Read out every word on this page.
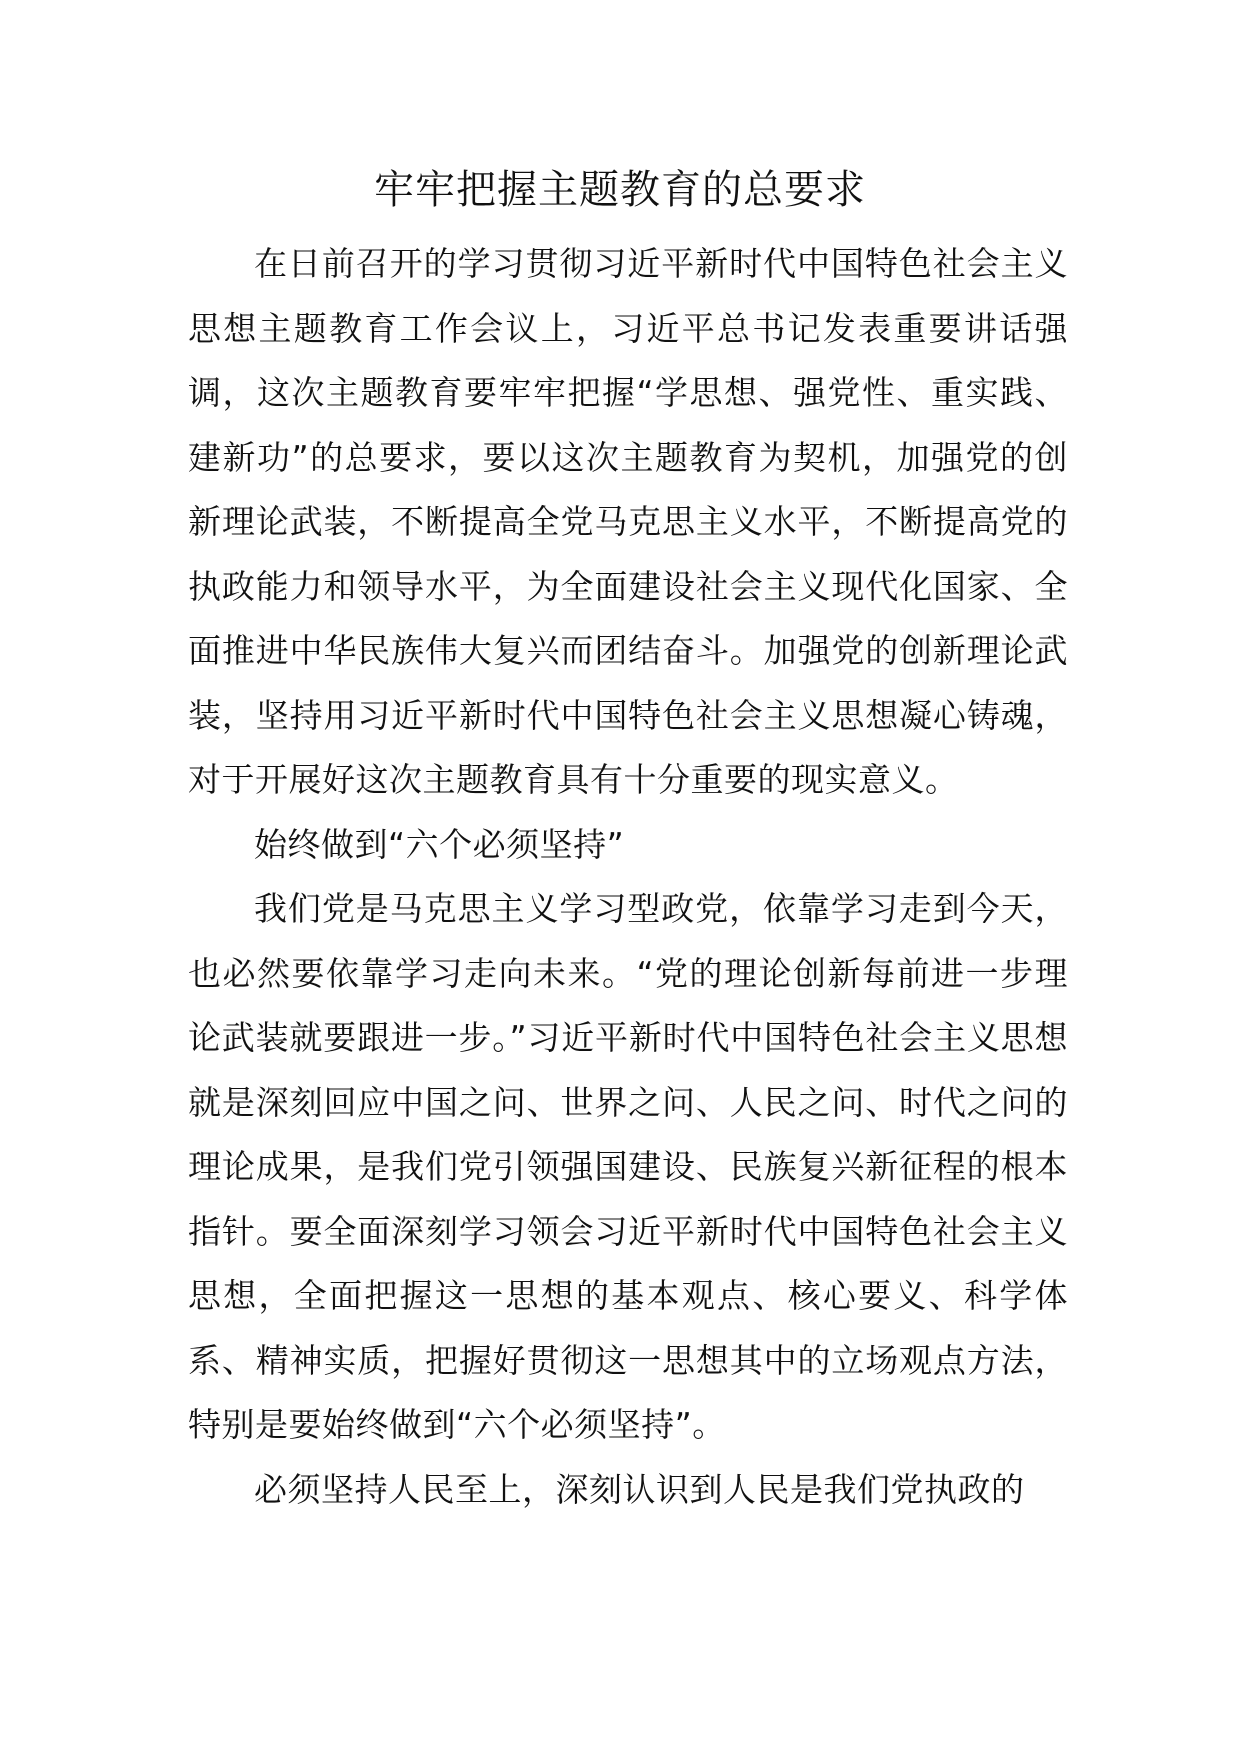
牢牢把握主题教育的总要求

在日前召开的学习贯彻习近平新时代中国特色社会主义思想主题教育工作会议上，习近平总书记发表重要讲话强调，这次主题教育要牢牢把握“学思想、强党性、重实践、建新功”的总要求，要以这次主题教育为契机，加强党的创新理论武装，不断提高全党马克思主义水平，不断提高党的执政能力和领导水平，为全面建设社会主义现代化国家、全面推进中华民族伟大复兴而团结奋斗。加强党的创新理论武装，坚持用习近平新时代中国特色社会主义思想凝心铸魂，对于开展好这次主题教育具有十分重要的现实意义。

始终做到“六个必须坚持”

我们党是马克思主义学习型政党，依靠学习走到今天，也必然要依靠学习走向未来。“党的理论创新每前进一步理论武装就要跟进一步。”习近平新时代中国特色社会主义思想就是深刻回应中国之问、世界之问、人民之问、时代之问的理论成果，是我们党引领强国建设、民族复兴新征程的根本指针。要全面深刻学习领会习近平新时代中国特色社会主义思想，全面把握这一思想的基本观点、核心要义、科学体系、精神实质，把握好贯彻这一思想其中的立场观点方法，特别是要始终做到“六个必须坚持”。

必须坚持人民至上，深刻认识到人民是我们党执政的
